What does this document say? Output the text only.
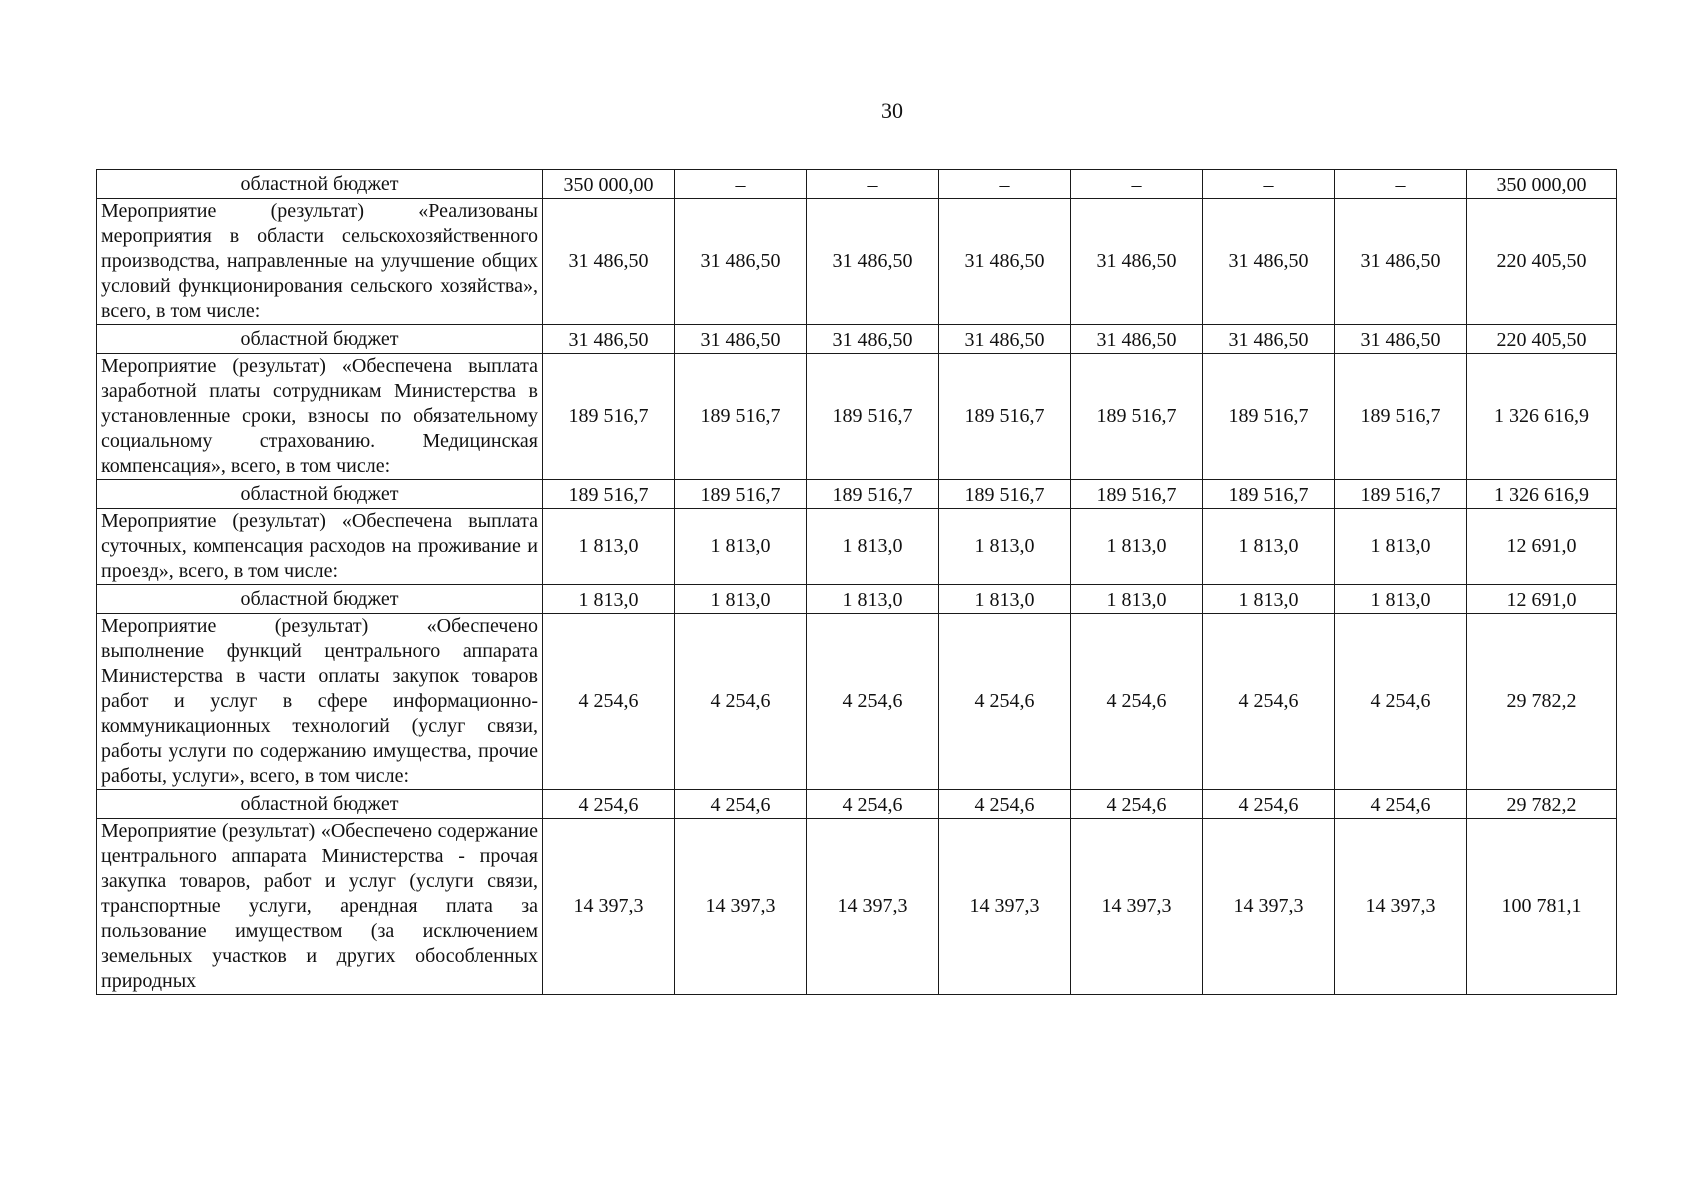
30
областной бюджет	350 000,00	–	–	–	–	–	–	350 000,00
Мероприятие (результат) «Реализованы мероприятия в области сельскохозяйственного производства, направленные на улучшение общих условий функционирования сельского хозяйства», всего, в том числе:	31 486,50	31 486,50	31 486,50	31 486,50	31 486,50	31 486,50	31 486,50	220 405,50
областной бюджет	31 486,50	31 486,50	31 486,50	31 486,50	31 486,50	31 486,50	31 486,50	220 405,50
Мероприятие (результат) «Обеспечена выплата заработной платы сотрудникам Министерства в установленные сроки, взносы по обязательному социальному страхованию. Медицинская компенсация», всего, в том числе:	189 516,7	189 516,7	189 516,7	189 516,7	189 516,7	189 516,7	189 516,7	1 326 616,9
областной бюджет	189 516,7	189 516,7	189 516,7	189 516,7	189 516,7	189 516,7	189 516,7	1 326 616,9
Мероприятие (результат) «Обеспечена выплата суточных, компенсация расходов на проживание и проезд», всего, в том числе:	1 813,0	1 813,0	1 813,0	1 813,0	1 813,0	1 813,0	1 813,0	12 691,0
областной бюджет	1 813,0	1 813,0	1 813,0	1 813,0	1 813,0	1 813,0	1 813,0	12 691,0
Мероприятие (результат) «Обеспечено выполнение функций центрального аппарата Министерства в части оплаты закупок товаров работ и услуг в сфере информационно-коммуникационных технологий (услуг связи, работы услуги по содержанию имущества, прочие работы, услуги», всего, в том числе:	4 254,6	4 254,6	4 254,6	4 254,6	4 254,6	4 254,6	4 254,6	29 782,2
областной бюджет	4 254,6	4 254,6	4 254,6	4 254,6	4 254,6	4 254,6	4 254,6	29 782,2
Мероприятие (результат) «Обеспечено содержание центрального аппарата Министерства - прочая закупка товаров, работ и услуг (услуги связи, транспортные услуги, арендная плата за пользование имуществом (за исключением земельных участков и других обособленных природных	14 397,3	14 397,3	14 397,3	14 397,3	14 397,3	14 397,3	14 397,3	100 781,1
